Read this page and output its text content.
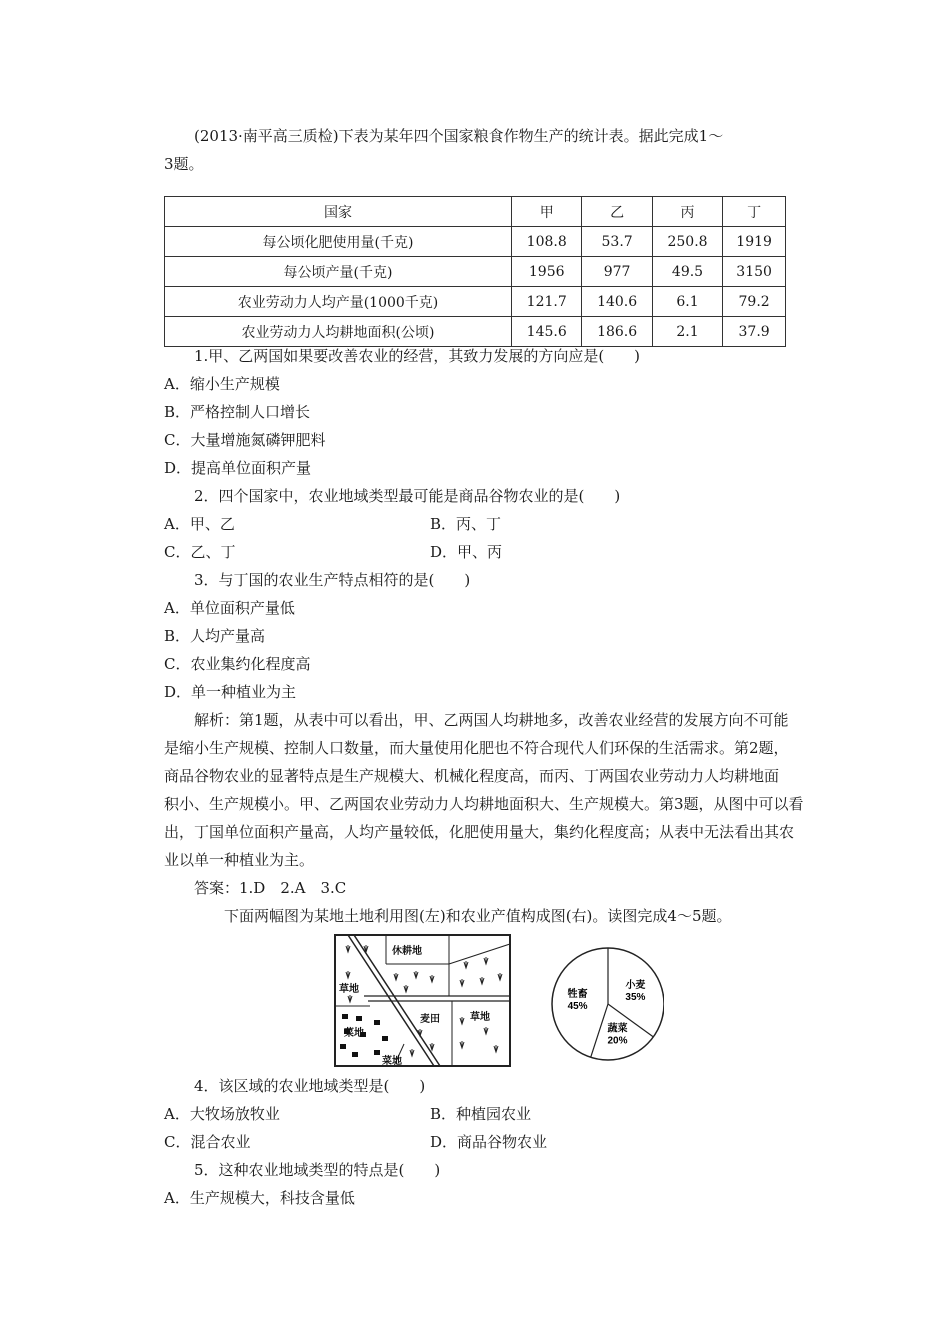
(2013·南平高三质检)下表为某年四个国家粮食作物生产的统计表。据此完成1～

3题。

国家	甲	乙	丙	丁
每公顷化肥使用量(千克)	108.8	53.7	250.8	1919
每公顷产量(千克)	1956	977	49.5	3150
农业劳动力人均产量(1000千克)	121.7	140.6	6.1	79.2
农业劳动力人均耕地面积(公顷)	145.6	186.6	2.1	37.9

1.甲、乙两国如果要改善农业的经营，其致力发展的方向应是(　　)

A．缩小生产规模

B．严格控制人口增长

C．大量增施氮磷钾肥料

D．提高单位面积产量

2．四个国家中，农业地域类型最可能是商品谷物农业的是(　　)

A．甲、乙	B．丙、丁

C．乙、丁	D．甲、丙

3．与丁国的农业生产特点相符的是(　　)

A．单位面积产量低

B．人均产量高

C．农业集约化程度高

D．单一种植业为主

解析：第1题，从表中可以看出，甲、乙两国人均耕地多，改善农业经营的发展方向不可能

是缩小生产规模、控制人口数量，而大量使用化肥也不符合现代人们环保的生活需求。第2题，

商品谷物农业的显著特点是生产规模大、机械化程度高，而丙、丁两国农业劳动力人均耕地面

积小、生产规模小。甲、乙两国农业劳动力人均耕地面积大、生产规模大。第3题，从图中可以看

出，丁国单位面积产量高，人均产量较低，化肥使用量大，集约化程度高；从表中无法看出其农

业以单一种植业为主。

答案：1.D　2.A　3.C

下面两幅图为某地土地利用图(左)和农业产值构成图(右)。读图完成4～5题。

休耕地
草地
菜地
麦田	草地
菜地
小麦
35%
蔬菜
20%
牲畜
45%

4．该区域的农业地域类型是(　　)

A．大牧场放牧业	B．种植园农业

C．混合农业	D．商品谷物农业

5．这种农业地域类型的特点是(　　)

A．生产规模大，科技含量低
